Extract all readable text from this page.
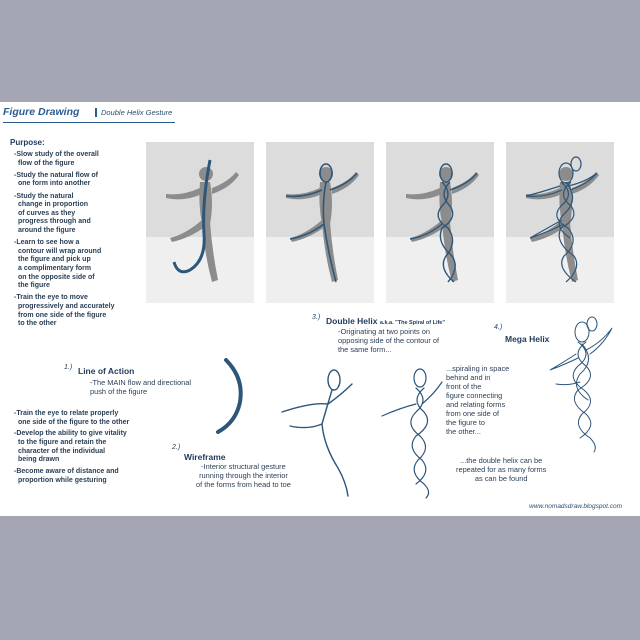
Figure Drawing	Double Helix Gesture
Purpose:
-Slow study of the overall
flow of the figure
-Study the natural flow of
one form into another
-Study the natural
change in proportion
of curves as they
progress through and
around the figure
-Learn to see how a
contour will wrap around
the figure and pick up
a complimentary form
on the opposite side of
the figure
-Train the eye to move
progressively and accurately
from one side of the figure
to the other
-Train the eye to relate properly
one side of the figure to the other
-Develop the ability to give vitality
to the figure and retain the
character of the individual
being drawn
-Become aware of distance and
proportion while gesturing
1.) Line of Action
-The MAIN flow and directional
push of the figure
2.)
Wireframe
-Interior structural gesture
running through the interior
of the forms from head to toe
3.) Double Helix a.k.a. "The Spiral of Life"
-Originating at two points on
opposing side of the contour of
the same form...
4.)
Mega Helix
...spiraling in space
behind and in
front of the
figure connecting
and relating forms
from one side of
the figure to
the other...
...the double helix can be
repeated for as many forms
as can be found
www.nomadsdraw.blogspot.com
